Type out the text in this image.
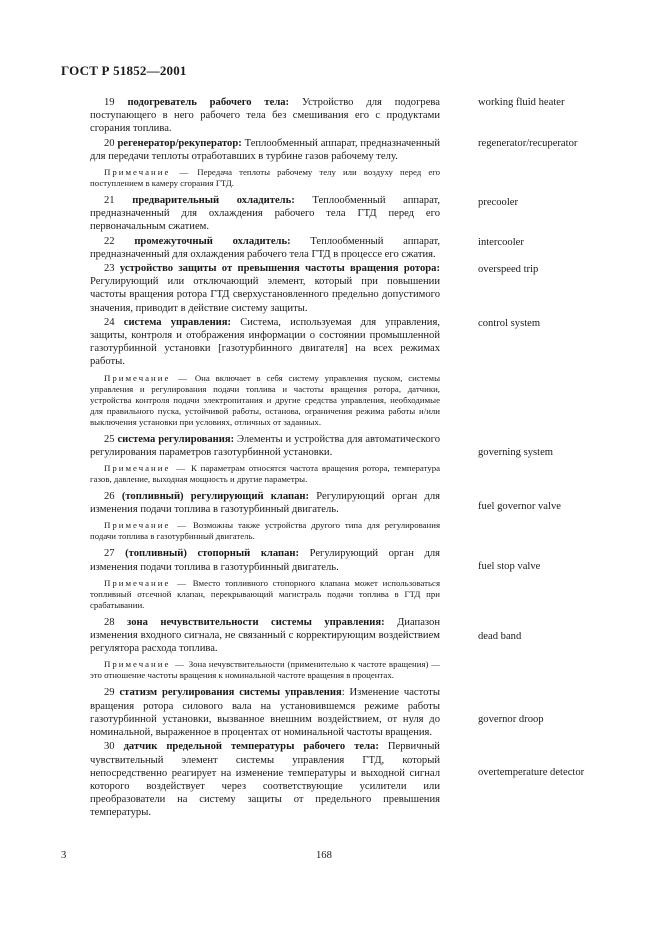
ГОСТ Р 51852—2001
19 подогреватель рабочего тела: Устройство для подогрева поступающего в него рабочего тела без смешивания его с продуктами сгорания топлива.
20 регенератор/рекуператор: Теплообменный аппарат, предназначенный для передачи теплоты отработавших в турбине газов рабочему телу.
Примечание — Передача теплоты рабочему телу или воздуху перед его поступлением в камеру сгорания ГТД.
21 предварительный охладитель: Теплообменный аппарат, предназначенный для охлаждения рабочего тела ГТД перед его первоначальным сжатием.
22 промежуточный охладитель: Теплообменный аппарат, предназначенный для охлаждения рабочего тела ГТД в процессе его сжатия.
23 устройство защиты от превышения частоты вращения ротора: Регулирующий или отключающий элемент, который при повышении частоты вращения ротора ГТД сверхустановленного предельно допустимого значения, приводит в действие систему защиты.
24 система управления: Система, используемая для управления, защиты, контроля и отображения информации о состоянии промышленной газотурбинной установки [газотурбинного двигателя] на всех режимах работы.
Примечание — Она включает в себя систему управления пуском, системы управления и регулирования подачи топлива и частоты вращения ротора, датчики, устройства контроля подачи электропитания и другие средства управления, необходимые для правильного пуска, устойчивой работы, останова, ограничения режима работы и/или выключения установки при условиях, отличных от заданных.
25 система регулирования: Элементы и устройства для автоматического регулирования параметров газотурбинной установки.
Примечание — К параметрам относятся частота вращения ротора, температура газов, давление, выходная мощность и другие параметры.
26 (топливный) регулирующий клапан: Регулирующий орган для изменения подачи топлива в газотурбинный двигатель.
Примечание — Возможны также устройства другого типа для регулирования подачи топлива в газотурбинный двигатель.
27 (топливный) стопорный клапан: Регулирующий орган для изменения подачи топлива в газотурбинный двигатель.
Примечание — Вместо топливного стопорного клапана может использоваться топливный отсечной клапан, перекрывающий магистраль подачи топлива в ГТД при срабатывании.
28 зона нечувствительности системы управления: Диапазон изменения входного сигнала, не связанный с корректирующим воздействием регулятора расхода топлива.
Примечание — Зона нечувствительности (применительно к частоте вращения) — это отношение частоты вращения к номинальной частоте вращения в процентах.
29 статизм регулирования системы управления: Изменение частоты вращения ротора силового вала на установившемся режиме работы газотурбинной установки, вызванное внешним воздействием, от нуля до номинальной, выраженное в процентах от номинальной частоты вращения.
30 датчик предельной температуры рабочего тела: Первичный чувствительный элемент системы управления ГТД, который непосредственно реагирует на изменение температуры и выходной сигнал которого воздействует через соответствующие усилители или преобразователи на систему защиты от предельного превышения температуры.
working fluid heater
regenerator/recuperator
precooler
intercooler
overspeed trip
control system
governing system
fuel governor valve
fuel stop valve
dead band
governor droop
overtemperature detector
3	168
